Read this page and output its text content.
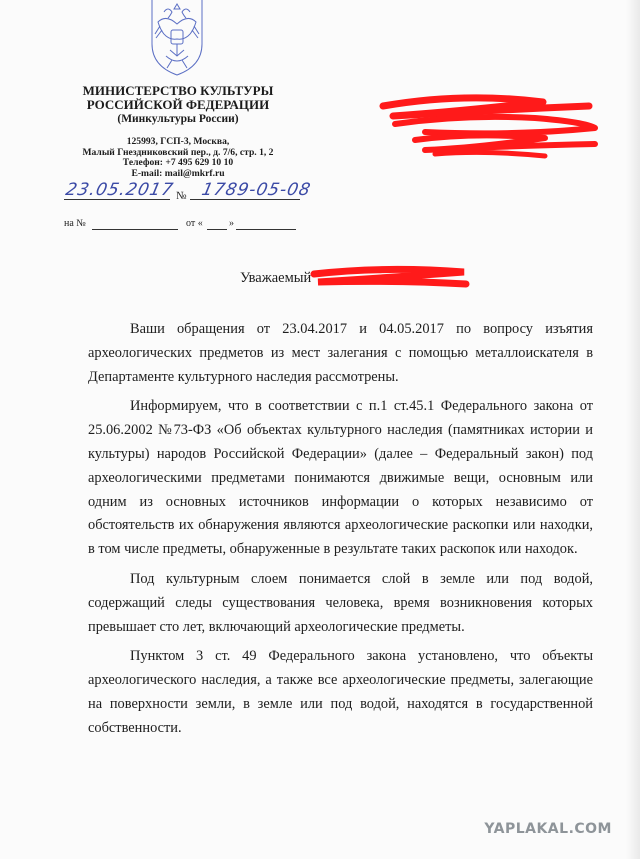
МИНИСТЕРСТВО КУЛЬТУРЫ
РОССИЙСКОЙ ФЕДЕРАЦИИ
(Минкультуры России)
125993, ГСП-3, Москва,
Малый Гнездниковский пер., д. 7/6, стр. 1, 2
Телефон: +7 495 629 10 10
E-mail: mail@mkrf.ru
23.05.2017 № 1789-05-08
на №	от «	»
Уважаемый

Ваши обращения от 23.04.2017 и 04.05.2017 по вопросу изъятия археологических предметов из мест залегания с помощью металлоискателя в Департаменте культурного наследия рассмотрены.

Информируем, что в соответствии с п.1 ст.45.1 Федерального закона от 25.06.2002 №73-ФЗ «Об объектах культурного наследия (памятниках истории и культуры) народов Российской Федерации» (далее – Федеральный закон) под археологическими предметами понимаются движимые вещи, основным или одним из основных источников информации о которых независимо от обстоятельств их обнаружения являются археологические раскопки или находки, в том числе предметы, обнаруженные в результате таких раскопок или находок.

Под культурным слоем понимается слой в земле или под водой, содержащий следы существования человека, время возникновения которых превышает сто лет, включающий археологические предметы.

Пунктом 3 ст. 49 Федерального закона установлено, что объекты археологического наследия, а также все археологические предметы, залегающие на поверхности земли, в земле или под водой, находятся в государственной собственности.

YAPLAKAL.COM
